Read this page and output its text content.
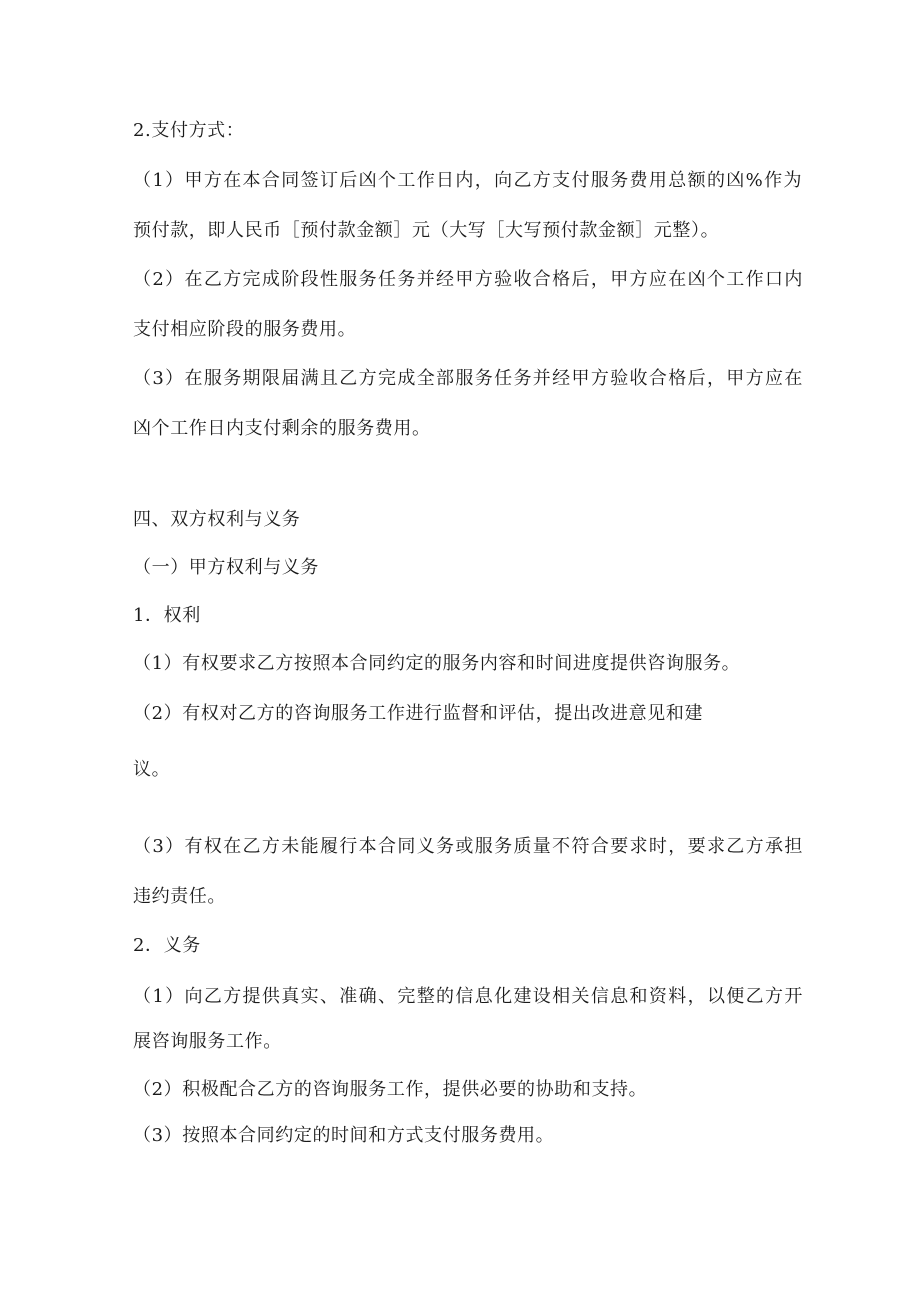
2.支付方式：
（1）甲方在本合同签订后凶个工作日内，向乙方支付服务费用总额的凶%作为
预付款，即人民币［预付款金额］元（大写［大写预付款金额］元整）。
（2）在乙方完成阶段性服务任务并经甲方验收合格后，甲方应在凶个工作口内
支付相应阶段的服务费用。
（3）在服务期限届满且乙方完成全部服务任务并经甲方验收合格后，甲方应在
凶个工作日内支付剩余的服务费用。
四、双方权利与义务
（一）甲方权利与义务
1．权利
（1）有权要求乙方按照本合同约定的服务内容和时间进度提供咨询服务。
（2）有权对乙方的咨询服务工作进行监督和评估，提出改进意见和建
议。
（3）有权在乙方未能履行本合同义务或服务质量不符合要求时，要求乙方承担
违约责任。
2．义务
（1）向乙方提供真实、准确、完整的信息化建设相关信息和资料，以便乙方开
展咨询服务工作。
（2）积极配合乙方的咨询服务工作，提供必要的协助和支持。
（3）按照本合同约定的时间和方式支付服务费用。
